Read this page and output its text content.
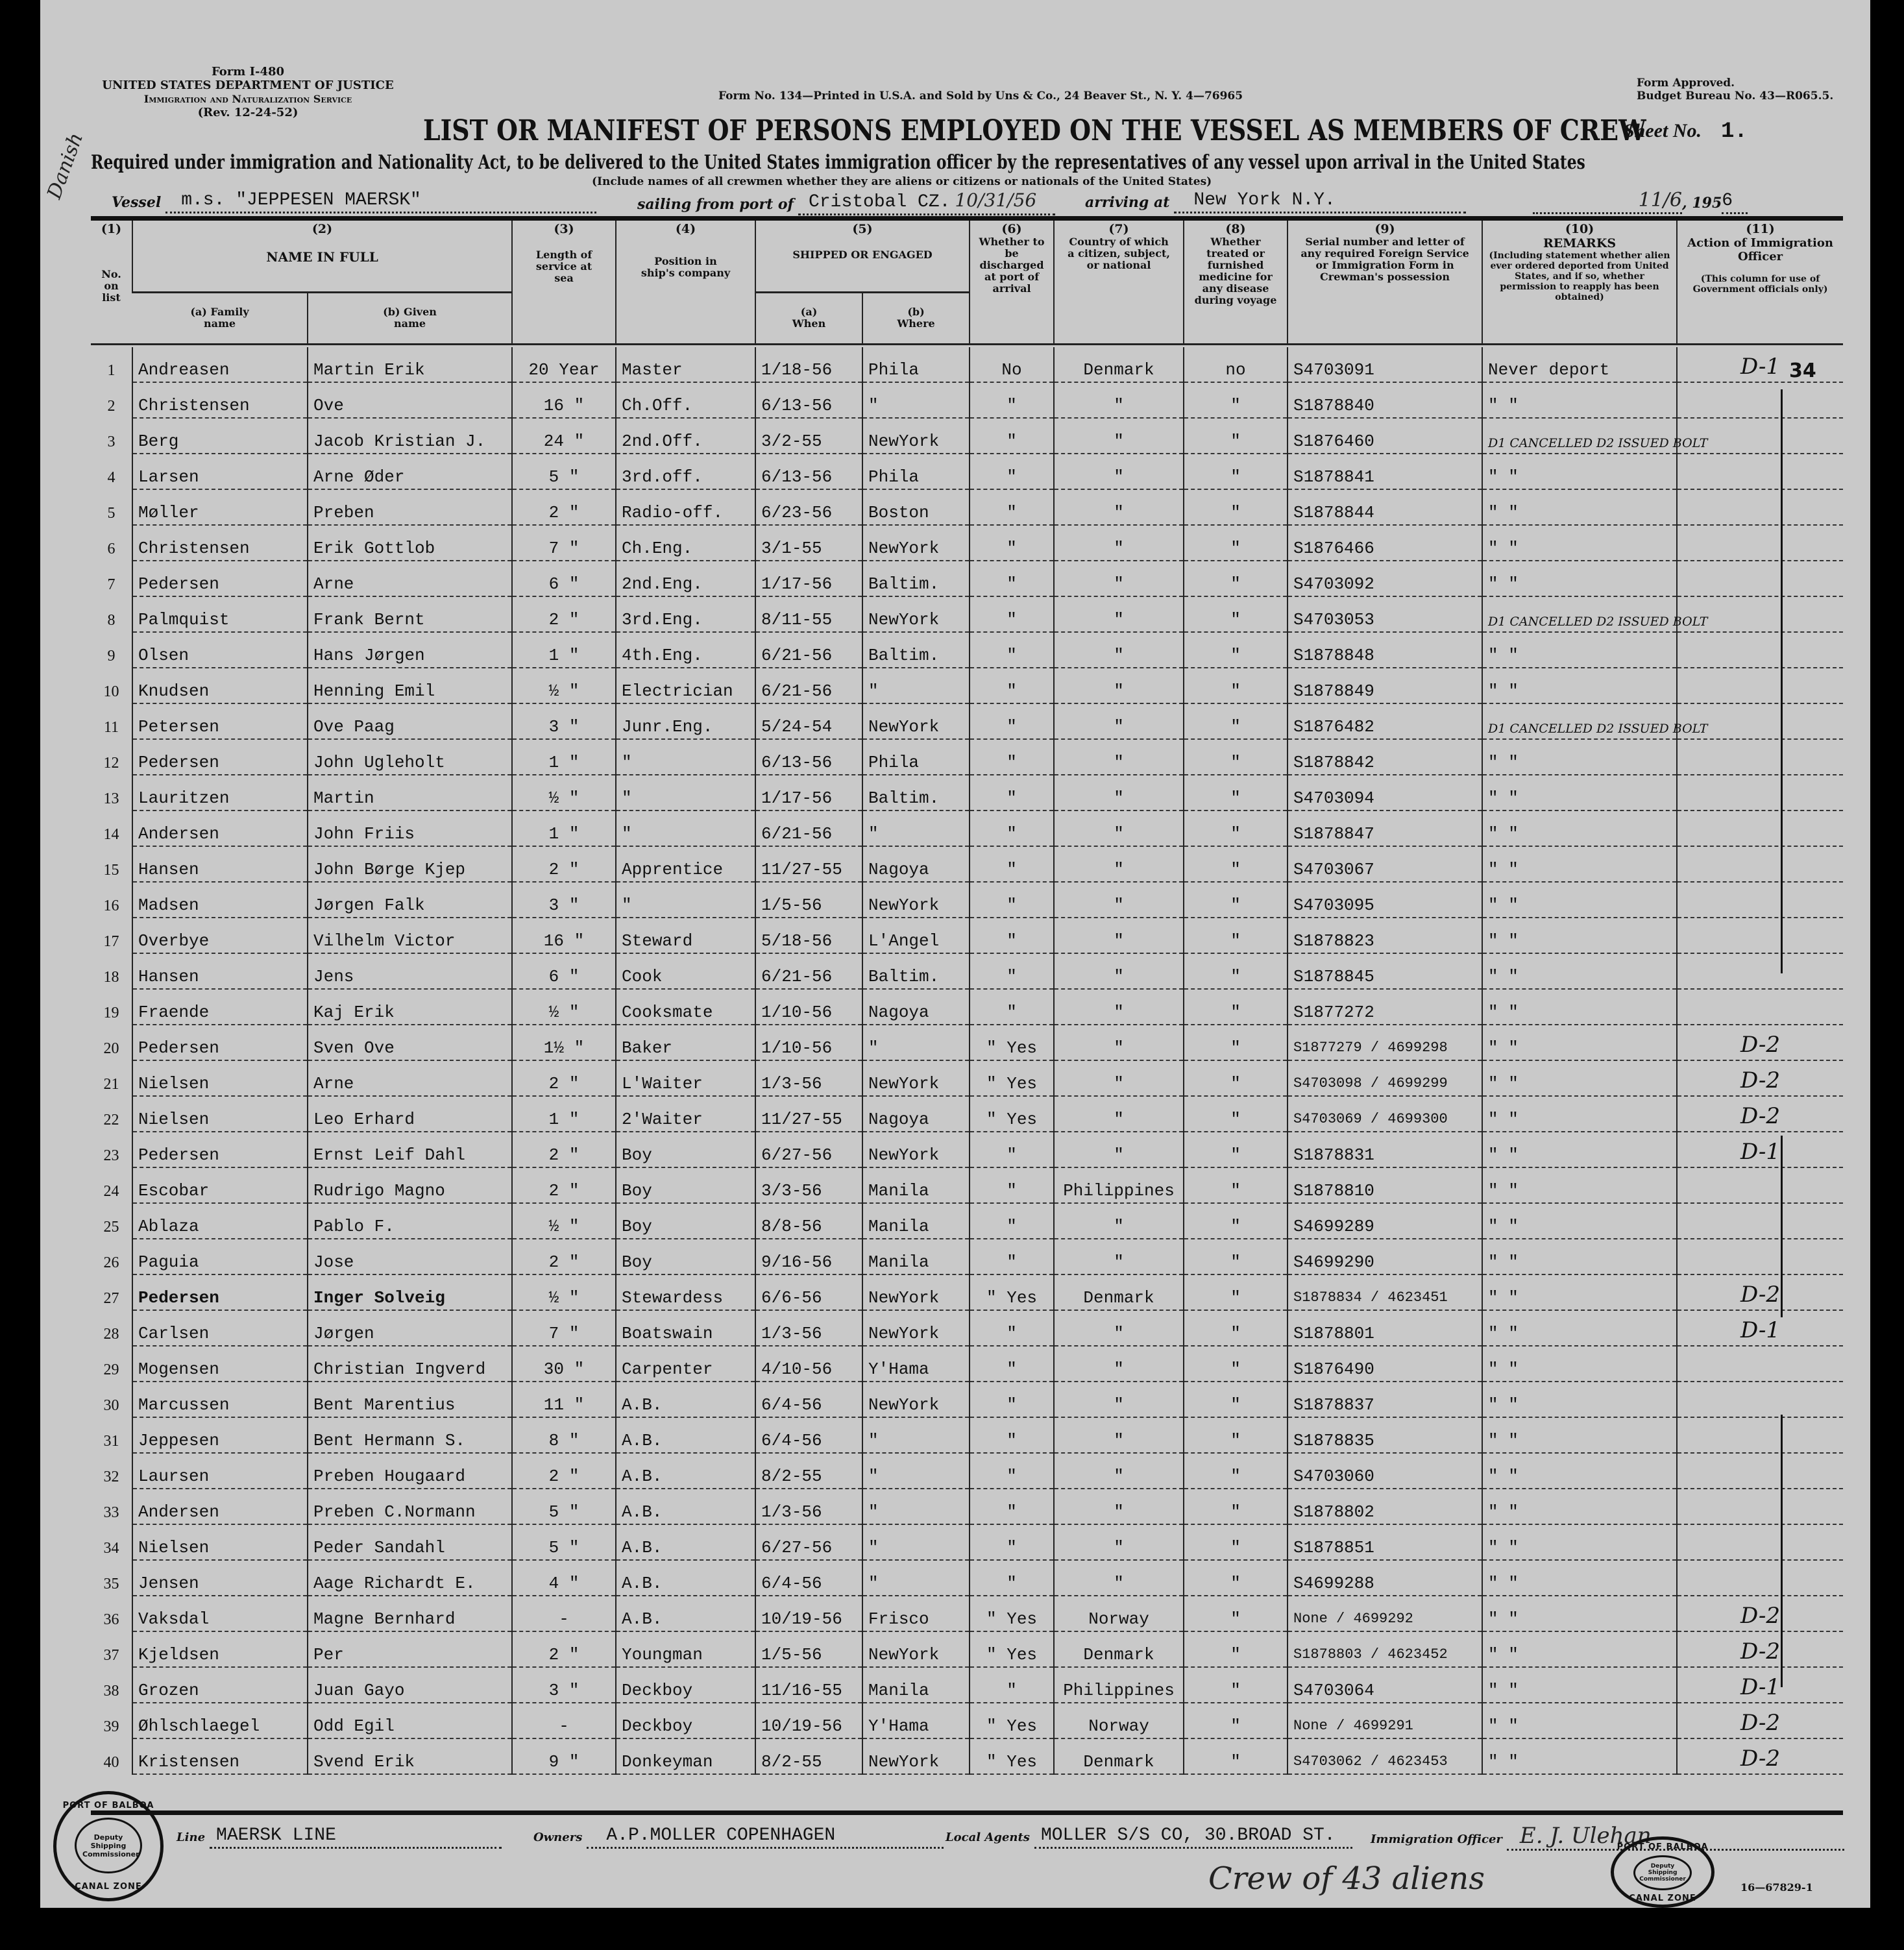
Form I-480
UNITED STATES DEPARTMENT OF JUSTICE
Immigration and Naturalization Service
(Rev. 12-24-52)
Form No. 134—Printed in U.S.A. and Sold by Uns & Co., 24 Beaver St., N. Y. 4—76965
Form Approved.
Budget Bureau No. 43—R065.5.
LIST OR MANIFEST OF PERSONS EMPLOYED ON THE VESSEL AS MEMBERS OF CREW
Sheet No. 1.
Required under immigration and Nationality Act, to be delivered to the United States immigration officer by the representatives of any vessel upon arrival in the United States
(Include names of all crewmen whether they are aliens or citizens or nationals of the United States)
Danish
Vessel m.s. "JEPPESEN MAERSK"	sailing from port of Cristobal CZ. 10/31/56	arriving at New York N.Y.	11/6, 1956
(1)
No. on list	(2)
NAME IN FULL		(3)
Length of service at sea	(4)
Position in ship's company	(5)
SHIPPED OR ENGAGED		(6)
Whether to be discharged at port of arrival	(7)
Country of which a citizen, subject, or national	(8)
Whether treated or furnished medicine for any disease during voyage	(9)
Serial number and letter of any required Foreign Service or Immigration Form in Crewman's possession	(10)
REMARKS
(Including statement whether alien ever ordered deported from United States, and if so, whether permission to reapply has been obtained)	(11)
Action of Immigration Officer
(This column for use of Government officials only)

	(a) Family name	(b) Given name			(a) When	(b) Where						

1	Andreasen	Martin Erik	20 Year	Master	1/18-56	Phila	No	Denmark	no	S4703091	Never deport	D-1
2	Christensen	Ove	16 "	Ch.Off.	6/13-56	"	"	"	"	S1878840	" "	
3	Berg	Jacob Kristian J.	24 "	2nd.Off.	3/2-55	NewYork	"	"	"	S1876460	D1 CANCELLED D2 ISSUED BOLT	
4	Larsen	Arne Øder	5 "	3rd.off.	6/13-56	Phila	"	"	"	S1878841	" "	
5	Møller	Preben	2 "	Radio-off.	6/23-56	Boston	"	"	"	S1878844	" "	
6	Christensen	Erik Gottlob	7 "	Ch.Eng.	3/1-55	NewYork	"	"	"	S1876466	" "	
7	Pedersen	Arne	6 "	2nd.Eng.	1/17-56	Baltim.	"	"	"	S4703092	" "	
8	Palmquist	Frank Bernt	2 "	3rd.Eng.	8/11-55	NewYork	"	"	"	S4703053	D1 CANCELLED D2 ISSUED BOLT	
9	Olsen	Hans Jørgen	1 "	4th.Eng.	6/21-56	Baltim.	"	"	"	S1878848	" "	
10	Knudsen	Henning Emil	½ "	Electrician	6/21-56	"	"	"	"	S1878849	" "	
11	Petersen	Ove Paag	3 "	Junr.Eng.	5/24-54	NewYork	"	"	"	S1876482	D1 CANCELLED D2 ISSUED BOLT	
12	Pedersen	John Ugleholt	1 "	"	6/13-56	Phila	"	"	"	S1878842	" "	
13	Lauritzen	Martin	½ "	"	1/17-56	Baltim.	"	"	"	S4703094	" "	
14	Andersen	John Friis	1 "	"	6/21-56	"	"	"	"	S1878847	" "	
15	Hansen	John Børge Kjep	2 "	Apprentice	11/27-55	Nagoya	"	"	"	S4703067	" "	
16	Madsen	Jørgen Falk	3 "	"	1/5-56	NewYork	"	"	"	S4703095	" "	
17	Overbye	Vilhelm Victor	16 "	Steward	5/18-56	L'Angel	"	"	"	S1878823	" "	
18	Hansen	Jens	6 "	Cook	6/21-56	Baltim.	"	"	"	S1878845	" "	
19	Fraende	Kaj Erik	½ "	Cooksmate	1/10-56	Nagoya	"	"	"	S1877272	" "	
20	Pedersen	Sven Ove	1½ "	Baker	1/10-56	"	" Yes	"	"	S1877279 / 4699298	" "	D-2
21	Nielsen	Arne	2 "	L'Waiter	1/3-56	NewYork	" Yes	"	"	S4703098 / 4699299	" "	D-2
22	Nielsen	Leo Erhard	1 "	2'Waiter	11/27-55	Nagoya	" Yes	"	"	S4703069 / 4699300	" "	D-2
23	Pedersen	Ernst Leif Dahl	2 "	Boy	6/27-56	NewYork	"	"	"	S1878831	" "	D-1
24	Escobar	Rudrigo Magno	2 "	Boy	3/3-56	Manila	"	Philippines	"	S1878810	" "	
25	Ablaza	Pablo F.	½ "	Boy	8/8-56	Manila	"	"	"	S4699289	" "	
26	Paguia	Jose	2 "	Boy	9/16-56	Manila	"	"	"	S4699290	" "	
27	Pedersen	Inger Solveig	½ "	Stewardess	6/6-56	NewYork	" Yes	Denmark	"	S1878834 / 4623451	" "	D-2
28	Carlsen	Jørgen	7 "	Boatswain	1/3-56	NewYork	"	"	"	S1878801	" "	D-1
29	Mogensen	Christian Ingverd	30 "	Carpenter	4/10-56	Y'Hama	"	"	"	S1876490	" "	
30	Marcussen	Bent Marentius	11 "	A.B.	6/4-56	NewYork	"	"	"	S1878837	" "	
31	Jeppesen	Bent Hermann S.	8 "	A.B.	6/4-56	"	"	"	"	S1878835	" "	
32	Laursen	Preben Hougaard	2 "	A.B.	8/2-55	"	"	"	"	S4703060	" "	
33	Andersen	Preben C.Normann	5 "	A.B.	1/3-56	"	"	"	"	S1878802	" "	
34	Nielsen	Peder Sandahl	5 "	A.B.	6/27-56	"	"	"	"	S1878851	" "	
35	Jensen	Aage Richardt E.	4 "	A.B.	6/4-56	"	"	"	"	S4699288	" "	
36	Vaksdal	Magne Bernhard	-	A.B.	10/19-56	Frisco	" Yes	Norway	"	None / 4699292	" "	D-2
37	Kjeldsen	Per	2 "	Youngman	1/5-56	NewYork	" Yes	Denmark	"	S1878803 / 4623452	" "	D-2
38	Grozen	Juan Gayo	3 "	Deckboy	11/16-55	Manila	"	Philippines	"	S4703064	" "	D-1
39	Øhlschlaegel	Odd Egil	-	Deckboy	10/19-56	Y'Hama	" Yes	Norway	"	None / 4699291	" "	D-2
40	Kristensen	Svend Erik	9 "	Donkeyman	8/2-55	NewYork	" Yes	Denmark	"	S4703062 / 4623453	" "	D-2
34
Line MAERSK LINE	Owners A.P.MOLLER COPENHAGEN	Local Agents MOLLER S/S CO, 30.BROAD ST.	Immigration Officer E. J. Ulehan
Crew of 43 aliens	16—67829-1
PORT OF BALBOA
Deputy Shipping Commissioner
CANAL ZONE
PORT OF BALBOA
Deputy Shipping Commissioner
CANAL ZONE
